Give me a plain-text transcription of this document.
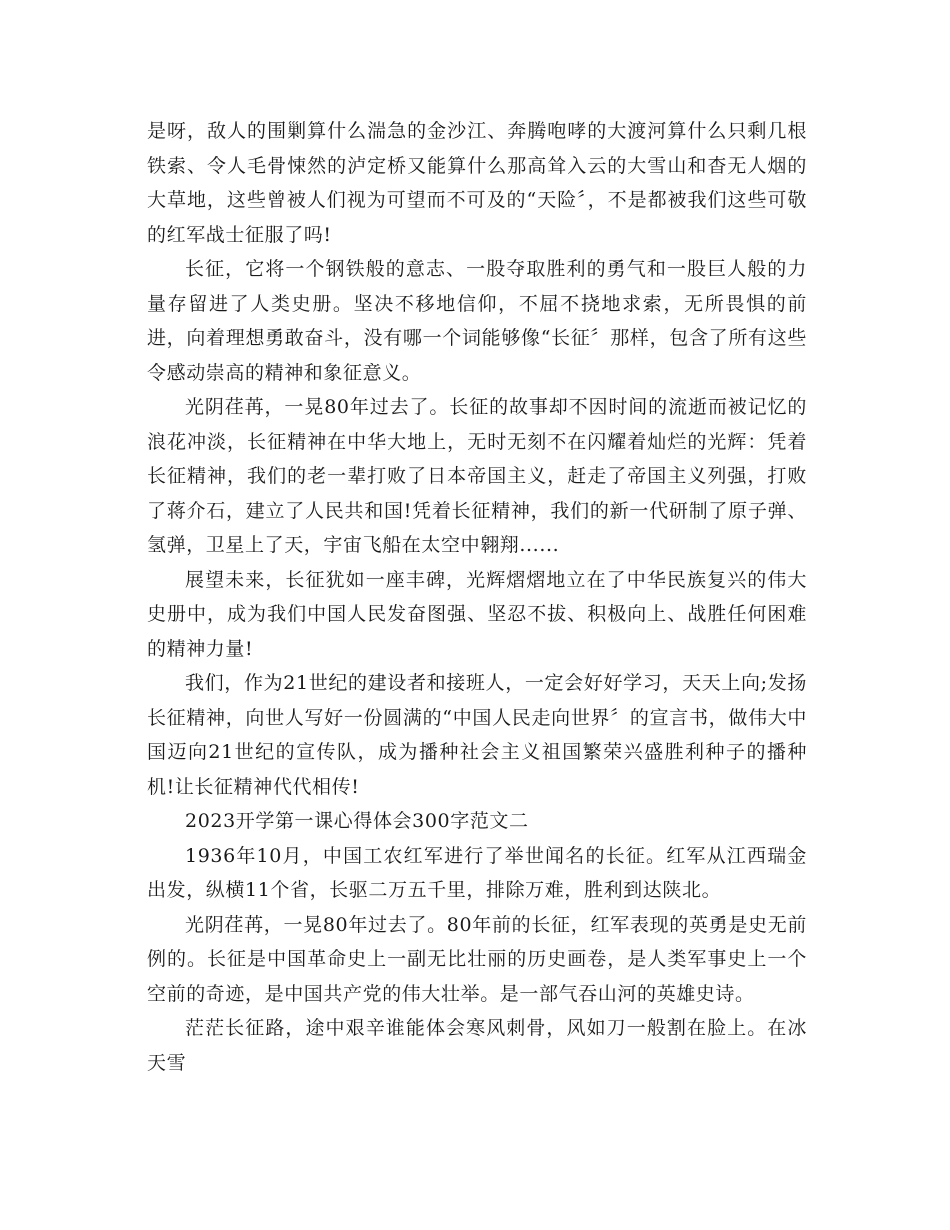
是呀，敌人的围剿算什么湍急的金沙江、奔腾咆哮的大渡河算什么只剩几根铁索、令人毛骨悚然的泸定桥又能算什么那高耸入云的大雪山和杳无人烟的大草地，这些曾被人们视为可望而不可及的“天险〞，不是都被我们这些可敬的红军战士征服了吗!

长征，它将一个钢铁般的意志、一股夺取胜利的勇气和一股巨人般的力量存留进了人类史册。坚决不移地信仰，不屈不挠地求索，无所畏惧的前进，向着理想勇敢奋斗，没有哪一个词能够像“长征〞那样，包含了所有这些令感动崇高的精神和象征意义。

光阴荏苒，一晃80年过去了。长征的故事却不因时间的流逝而被记忆的浪花冲淡，长征精神在中华大地上，无时无刻不在闪耀着灿烂的光辉：凭着长征精神，我们的老一辈打败了日本帝国主义，赶走了帝国主义列强，打败了蒋介石，建立了人民共和国!凭着长征精神，我们的新一代研制了原子弹、氢弹，卫星上了天，宇宙飞船在太空中翱翔......

展望未来，长征犹如一座丰碑，光辉熠熠地立在了中华民族复兴的伟大史册中，成为我们中国人民发奋图强、坚忍不拔、积极向上、战胜任何困难的精神力量!

我们，作为21世纪的建设者和接班人，一定会好好学习，天天上向;发扬长征精神，向世人写好一份圆满的“中国人民走向世界〞的宣言书，做伟大中国迈向21世纪的宣传队，成为播种社会主义祖国繁荣兴盛胜利种子的播种机!让长征精神代代相传!

2023开学第一课心得体会300字范文二

1936年10月，中国工农红军进行了举世闻名的长征。红军从江西瑞金出发，纵横11个省，长驱二万五千里，排除万难，胜利到达陕北。

光阴荏苒，一晃80年过去了。80年前的长征，红军表现的英勇是史无前例的。长征是中国革命史上一副无比壮丽的历史画卷，是人类军事史上一个空前的奇迹，是中国共产党的伟大壮举。是一部气吞山河的英雄史诗。

茫茫长征路，途中艰辛谁能体会寒风刺骨，风如刀一般割在脸上。在冰天雪
